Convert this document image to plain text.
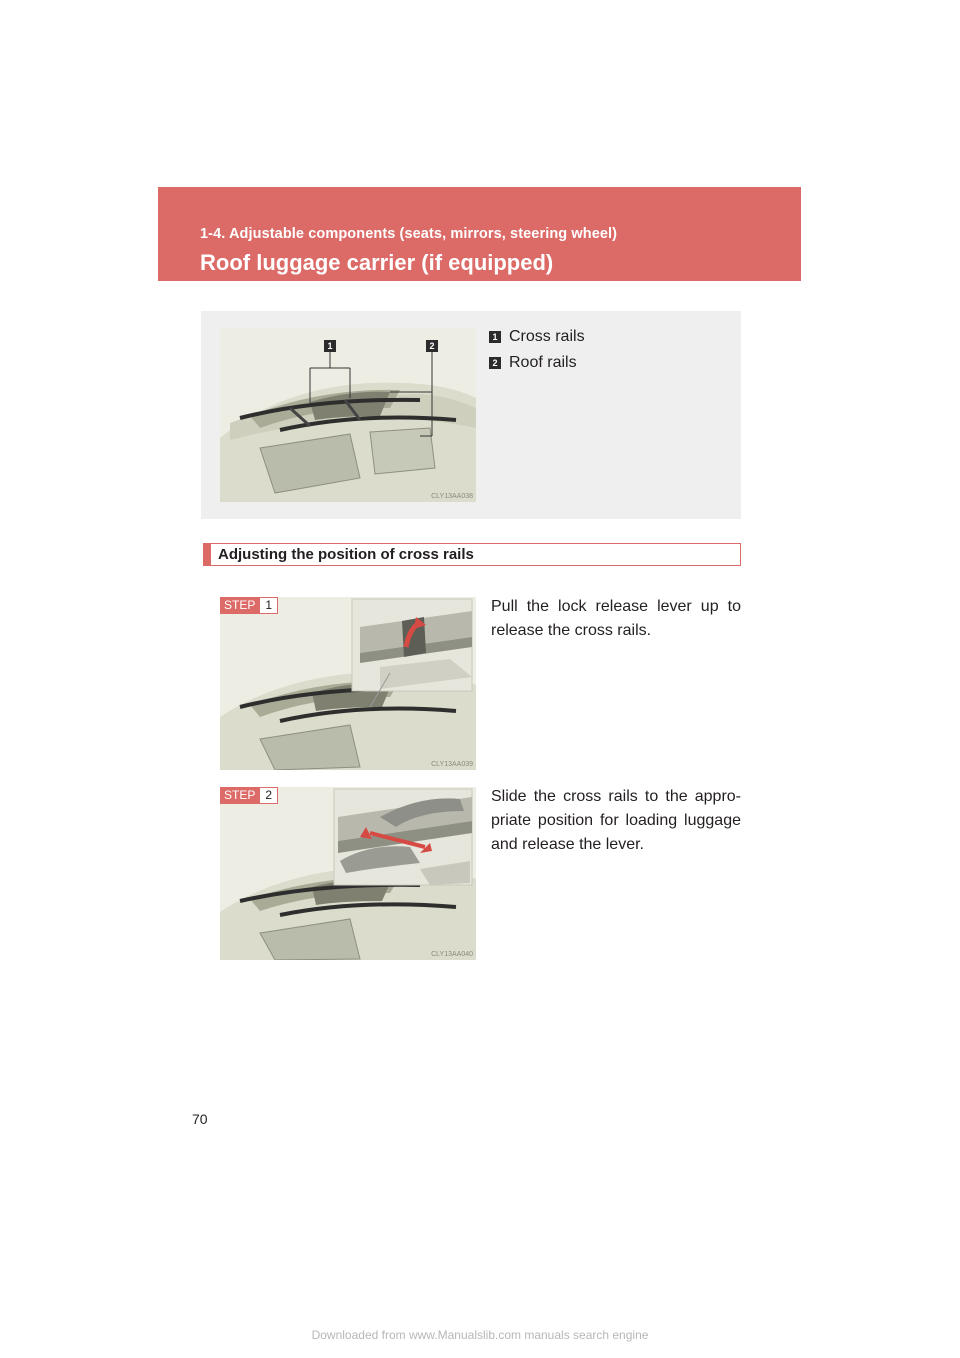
1-4. Adjustable components (seats, mirrors, steering wheel)
Roof luggage carrier (if equipped)
1	2
CLY13AA038
1 Cross rails
2 Roof rails
Adjusting the position of cross rails
STEP 1
CLY13AA039
Pull the lock release lever up to release the cross rails.
STEP 2
CLY13AA040
Slide the cross rails to the appro-priate position for loading luggage and release the lever.
70
Downloaded from www.Manualslib.com manuals search engine
